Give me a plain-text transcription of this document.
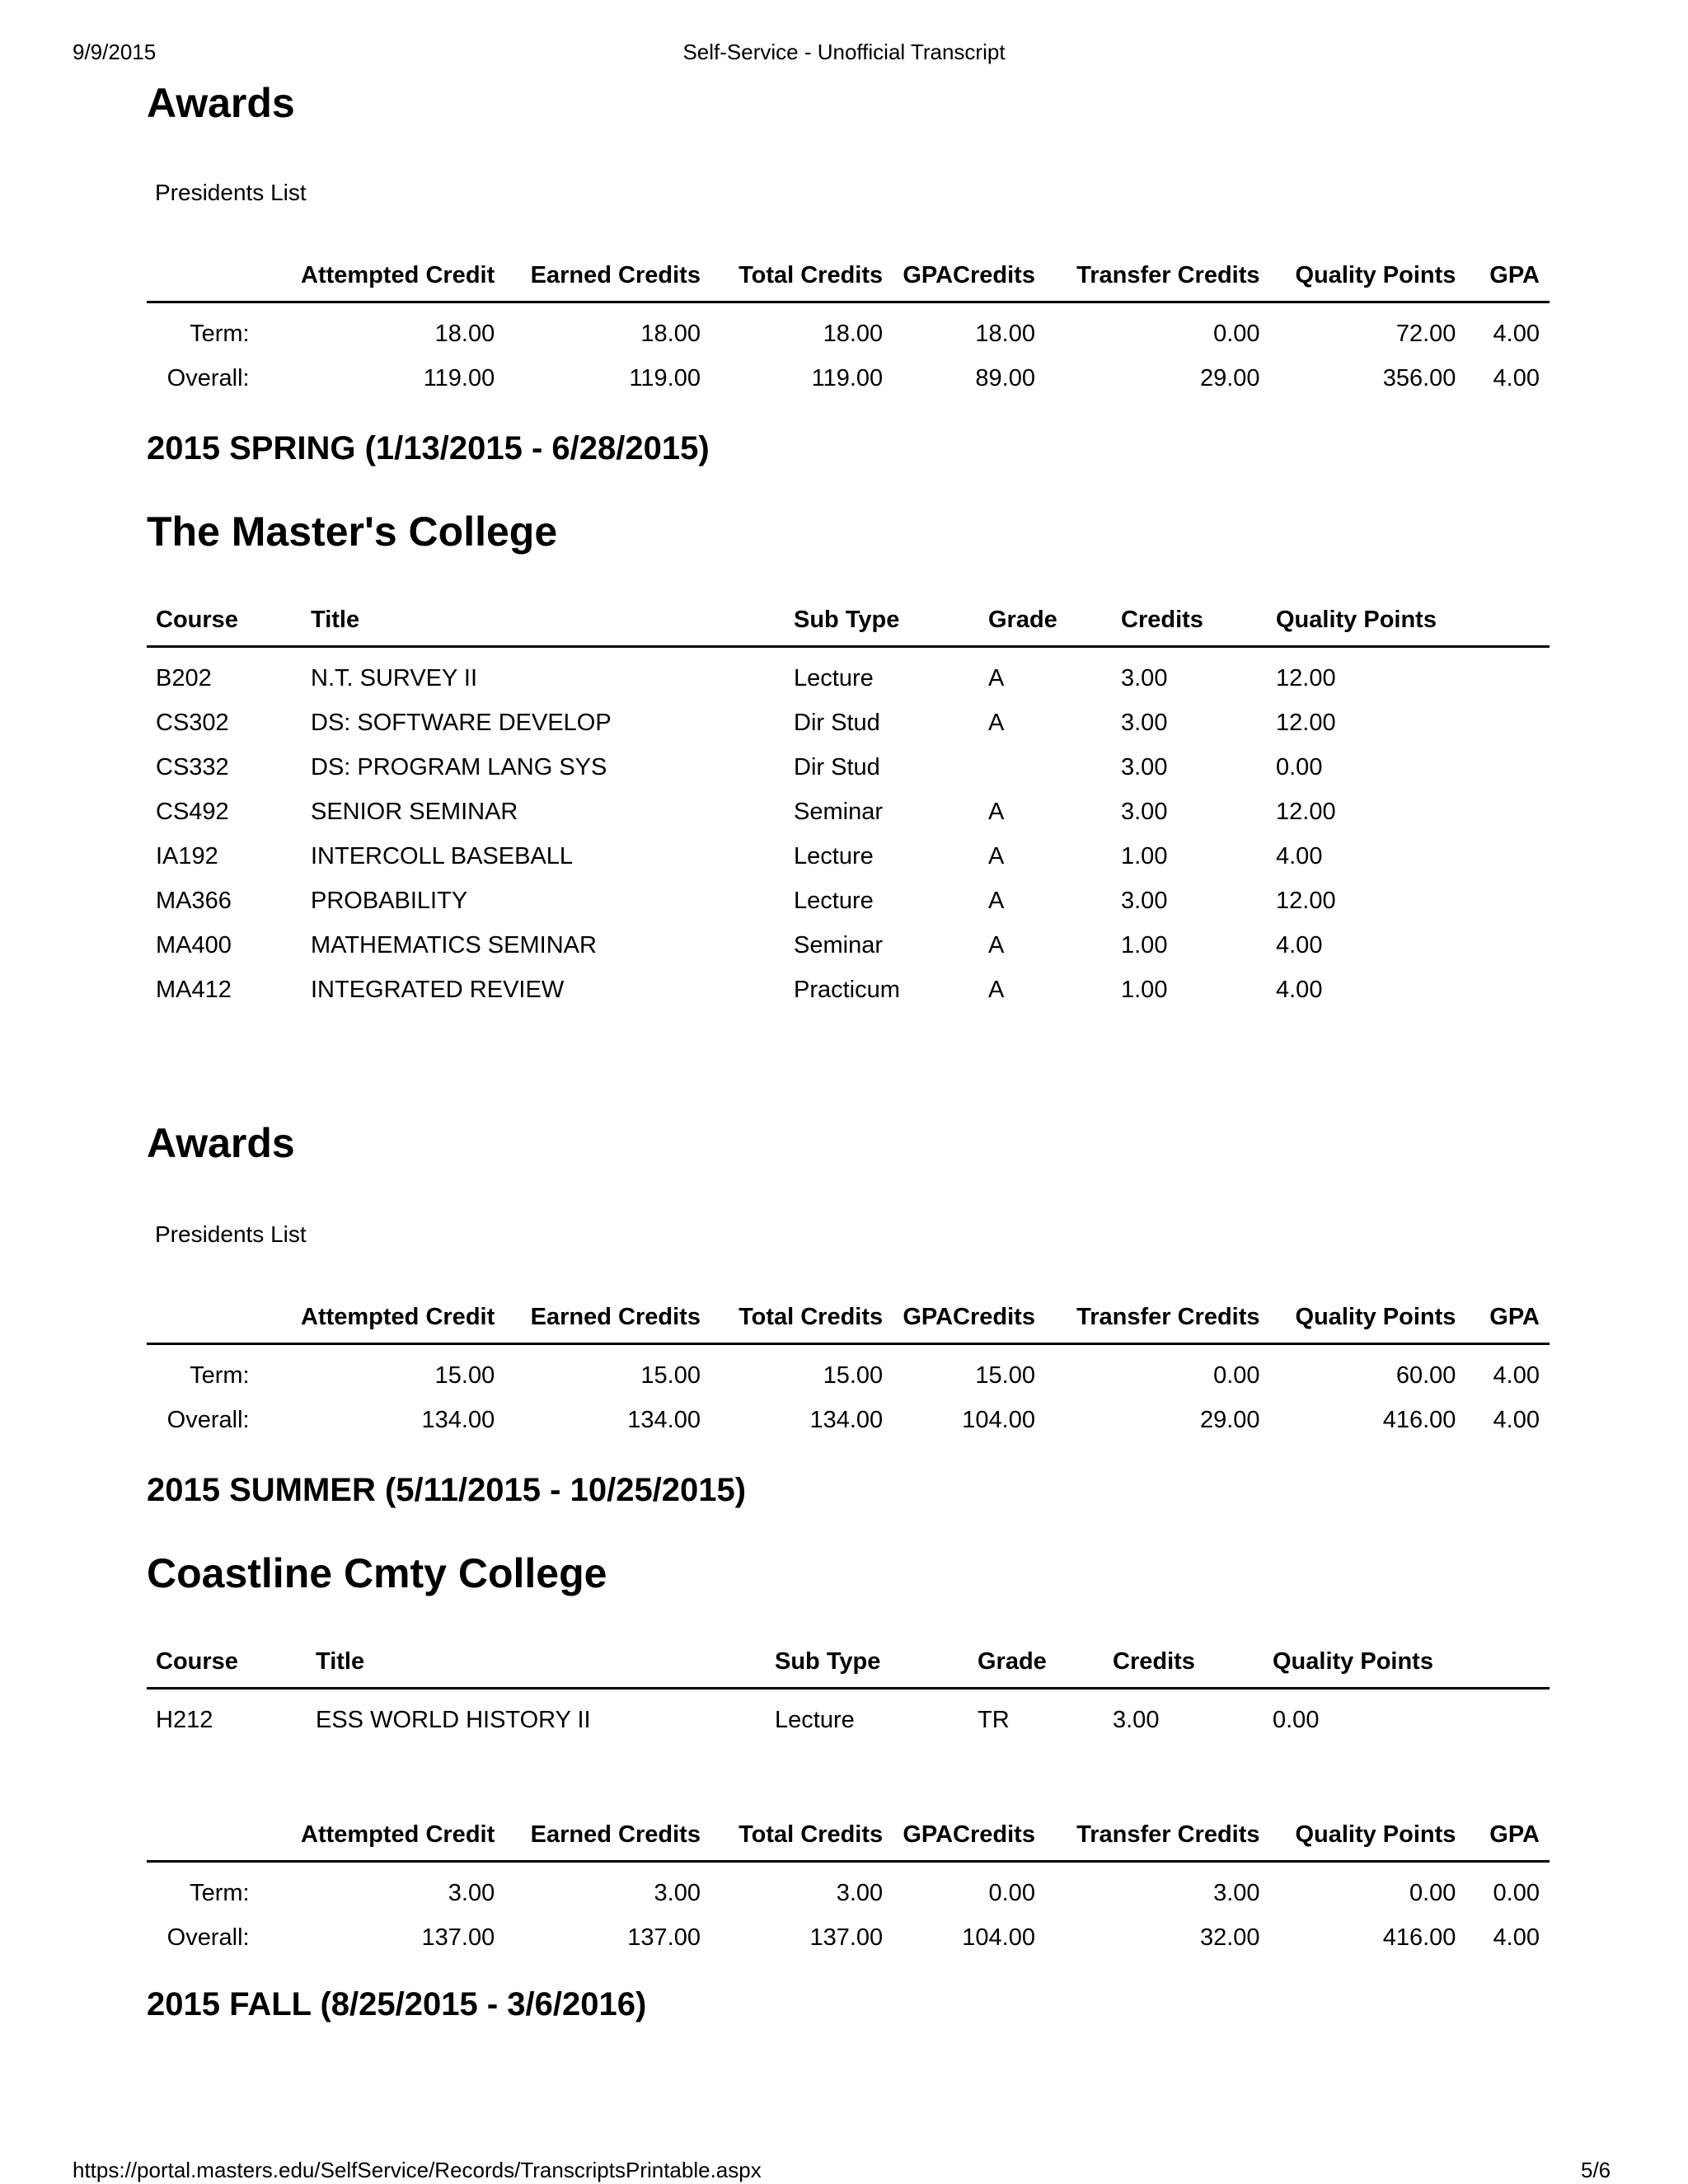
9/9/2015	Self-Service - Unofficial Transcript
Awards
Presidents List
	Attempted Credit	Earned Credits	Total Credits	GPACredits	Transfer Credits	Quality Points	GPA
Term:	18.00	18.00	18.00	18.00	0.00	72.00	4.00
Overall:	119.00	119.00	119.00	89.00	29.00	356.00	4.00
2015 SPRING (1/13/2015 - 6/28/2015)
The Master's College
Course	Title	Sub Type	Grade	Credits	Quality Points
B202	N.T. SURVEY II	Lecture	A	3.00	12.00
CS302	DS: SOFTWARE DEVELOP	Dir Stud	A	3.00	12.00
CS332	DS: PROGRAM LANG SYS	Dir Stud		3.00	0.00
CS492	SENIOR SEMINAR	Seminar	A	3.00	12.00
IA192	INTERCOLL BASEBALL	Lecture	A	1.00	4.00
MA366	PROBABILITY	Lecture	A	3.00	12.00
MA400	MATHEMATICS SEMINAR	Seminar	A	1.00	4.00
MA412	INTEGRATED REVIEW	Practicum	A	1.00	4.00
Awards
Presidents List
	Attempted Credit	Earned Credits	Total Credits	GPACredits	Transfer Credits	Quality Points	GPA
Term:	15.00	15.00	15.00	15.00	0.00	60.00	4.00
Overall:	134.00	134.00	134.00	104.00	29.00	416.00	4.00
2015 SUMMER (5/11/2015 - 10/25/2015)
Coastline Cmty College
Course	Title	Sub Type	Grade	Credits	Quality Points
H212	ESS WORLD HISTORY II	Lecture	TR	3.00	0.00
	Attempted Credit	Earned Credits	Total Credits	GPACredits	Transfer Credits	Quality Points	GPA
Term:	3.00	3.00	3.00	0.00	3.00	0.00	0.00
Overall:	137.00	137.00	137.00	104.00	32.00	416.00	4.00
2015 FALL (8/25/2015 - 3/6/2016)
https://portal.masters.edu/SelfService/Records/TranscriptsPrintable.aspx	5/6
